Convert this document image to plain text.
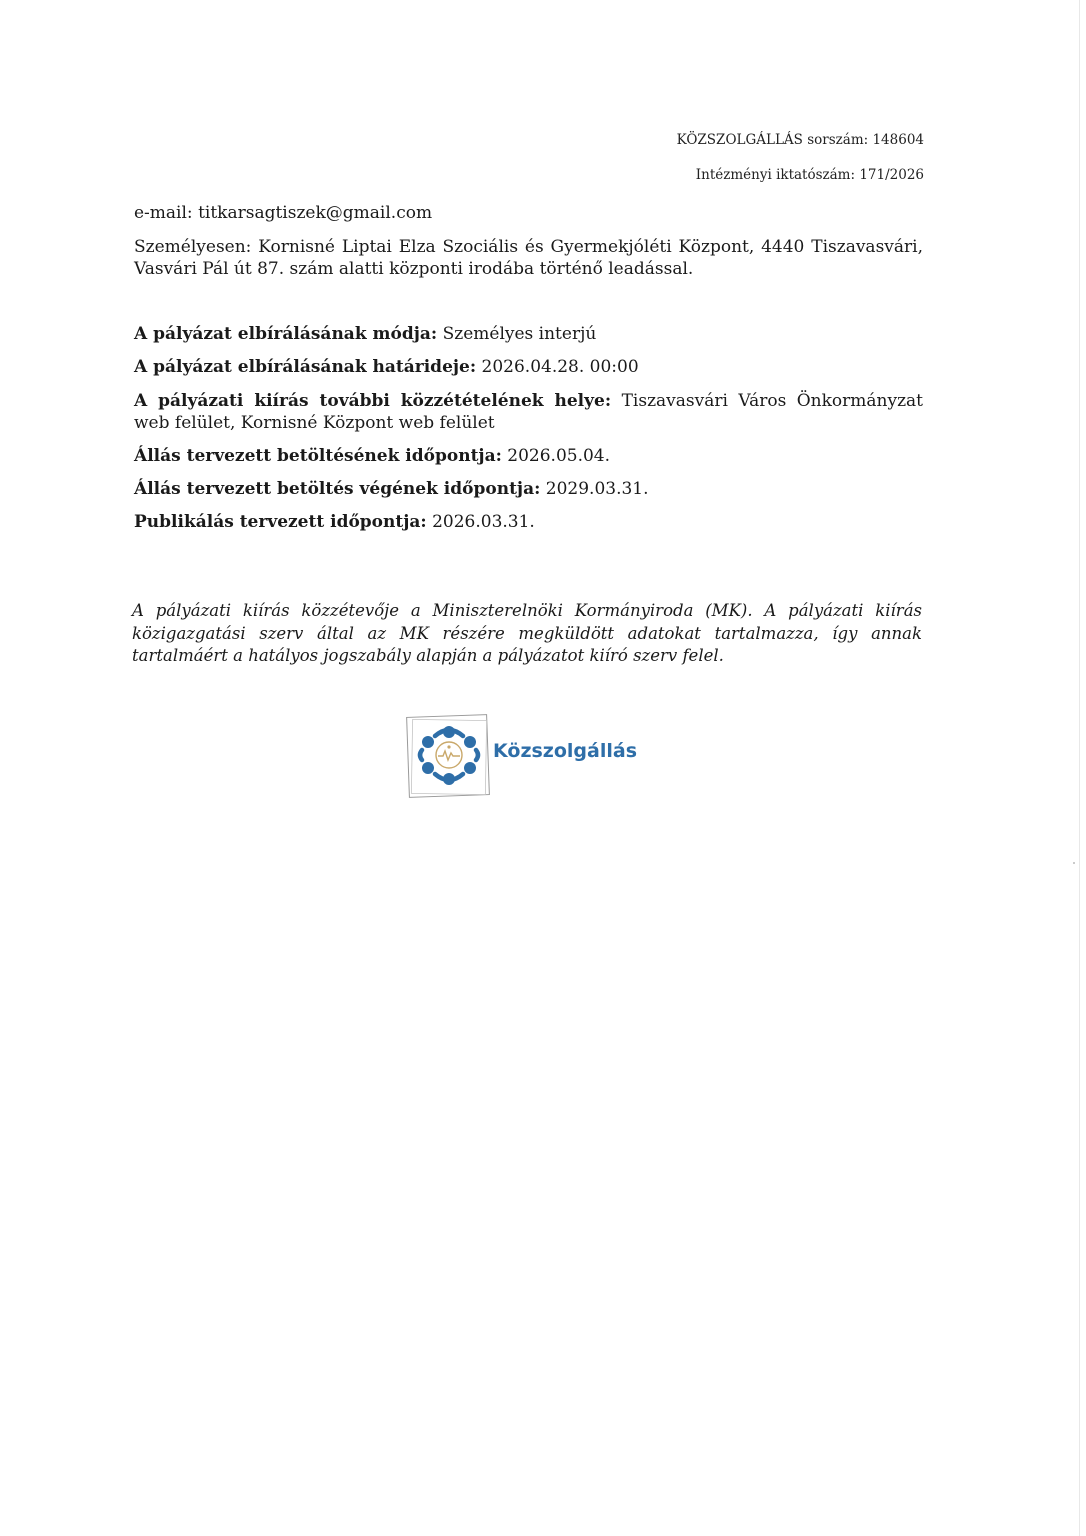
KÖZSZOLGÁLLÁS sorszám: 148604
Intézményi iktatószám: 171/2026
e-mail: titkarsagtiszek@gmail.com
Személyesen: Kornisné Liptai Elza Szociális és Gyermekjóléti Központ, 4440 Tiszavasvári, Vasvári Pál út 87. szám alatti központi irodába történő leadással.
A pályázat elbírálásának módja: Személyes interjú
A pályázat elbírálásának határideje: 2026.04.28. 00:00
A pályázati kiírás további közzétételének helye: Tiszavasvári Város Önkormányzat web felület, Kornisné Központ web felület
Állás tervezett betöltésének időpontja: 2026.05.04.
Állás tervezett betöltés végének időpontja: 2029.03.31.
Publikálás tervezett időpontja: 2026.03.31.
A pályázati kiírás közzétevője a Miniszterelnöki Kormányiroda (MK). A pályázati kiírás közigazgatási szerv által az MK részére megküldött adatokat tartalmazza, így annak tartalmáért a hatályos jogszabály alapján a pályázatot kiíró szerv felel.
Közszolgállás
